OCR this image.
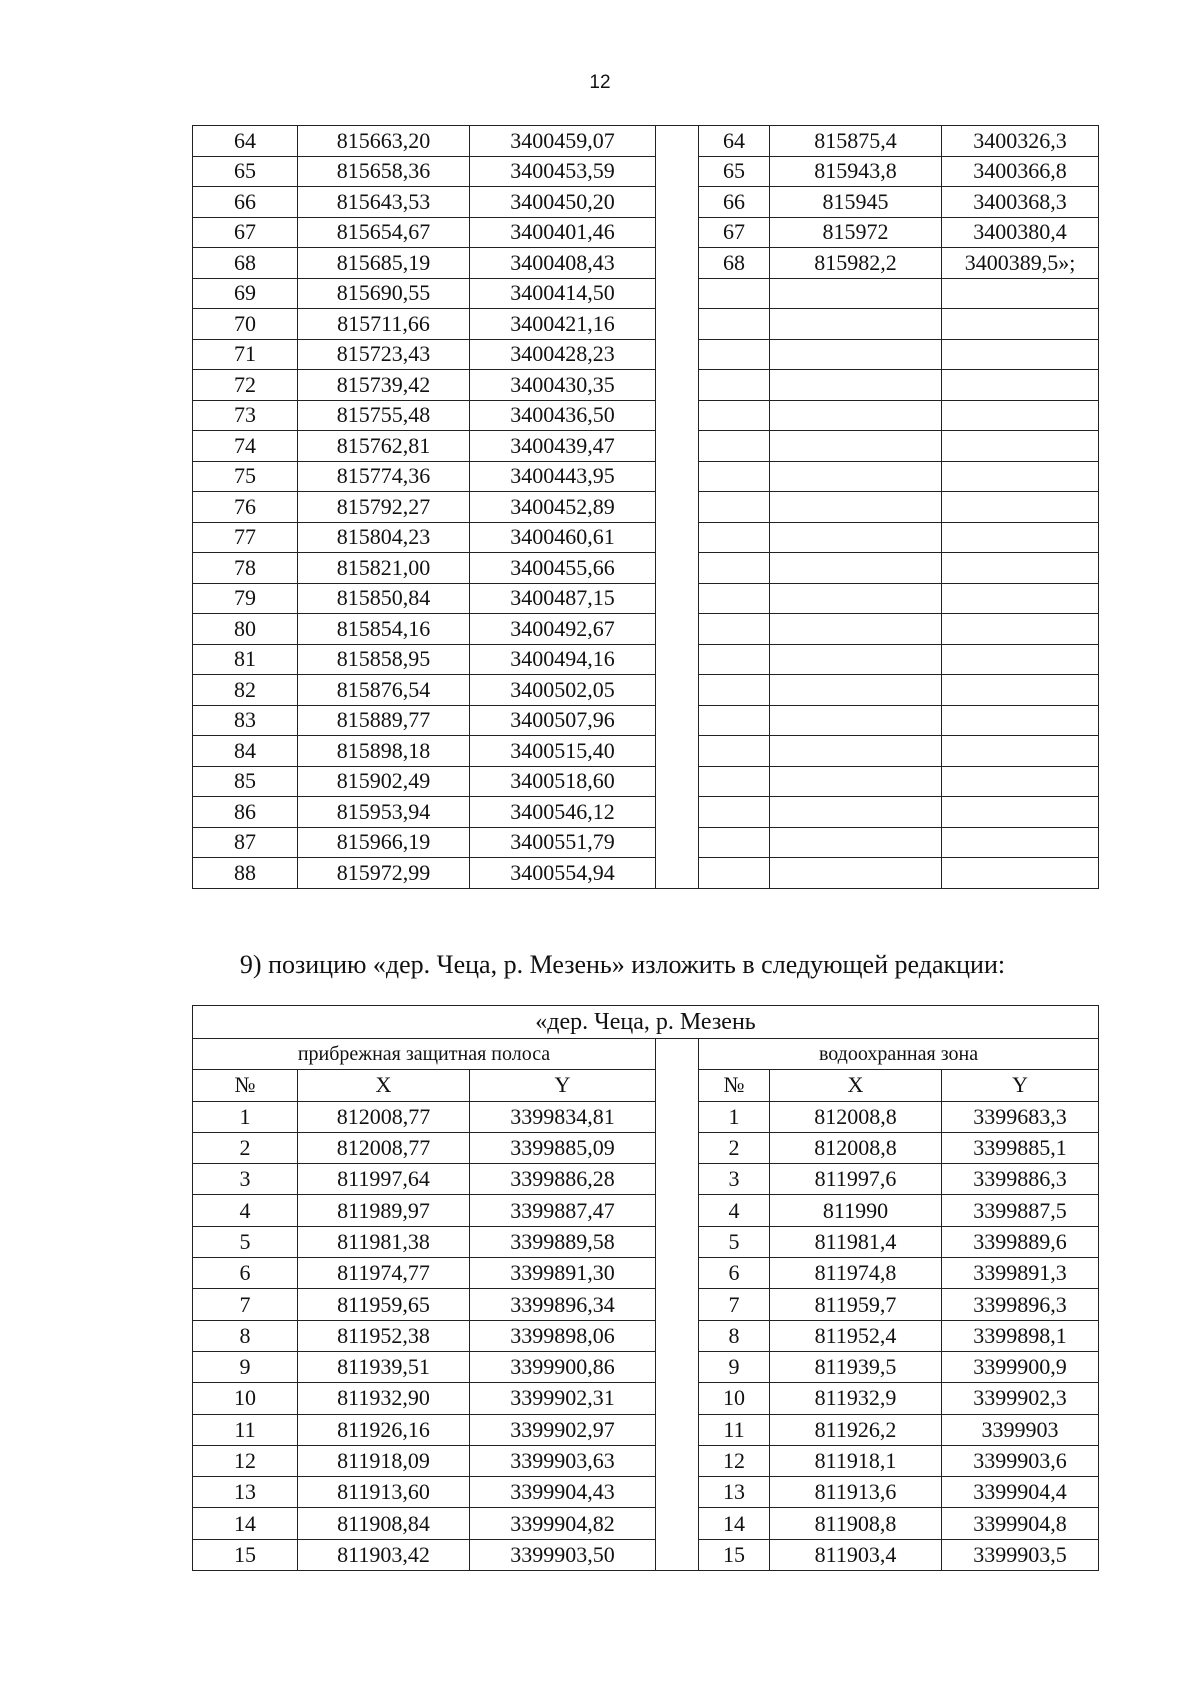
12
64	815663,20	3400459,07		64	815875,4	3400326,3
65	815658,36	3400453,59		65	815943,8	3400366,8
66	815643,53	3400450,20		66	815945	3400368,3
67	815654,67	3400401,46		67	815972	3400380,4
68	815685,19	3400408,43		68	815982,2	3400389,5»;
69	815690,55	3400414,50				
70	815711,66	3400421,16				
71	815723,43	3400428,23				
72	815739,42	3400430,35				
73	815755,48	3400436,50				
74	815762,81	3400439,47				
75	815774,36	3400443,95				
76	815792,27	3400452,89				
77	815804,23	3400460,61				
78	815821,00	3400455,66				
79	815850,84	3400487,15				
80	815854,16	3400492,67				
81	815858,95	3400494,16				
82	815876,54	3400502,05				
83	815889,77	3400507,96				
84	815898,18	3400515,40				
85	815902,49	3400518,60				
86	815953,94	3400546,12				
87	815966,19	3400551,79				
88	815972,99	3400554,94				
9) позицию «дер. Чеца, р. Мезень» изложить в следующей редакции:
«дер. Чеца, р. Мезень						
прибрежная защитная полоса				водоохранная зона		
№	X	Y		№	X	Y
1	812008,77	3399834,81		1	812008,8	3399683,3
2	812008,77	3399885,09		2	812008,8	3399885,1
3	811997,64	3399886,28		3	811997,6	3399886,3
4	811989,97	3399887,47		4	811990	3399887,5
5	811981,38	3399889,58		5	811981,4	3399889,6
6	811974,77	3399891,30		6	811974,8	3399891,3
7	811959,65	3399896,34		7	811959,7	3399896,3
8	811952,38	3399898,06		8	811952,4	3399898,1
9	811939,51	3399900,86		9	811939,5	3399900,9
10	811932,90	3399902,31		10	811932,9	3399902,3
11	811926,16	3399902,97		11	811926,2	3399903
12	811918,09	3399903,63		12	811918,1	3399903,6
13	811913,60	3399904,43		13	811913,6	3399904,4
14	811908,84	3399904,82		14	811908,8	3399904,8
15	811903,42	3399903,50		15	811903,4	3399903,5
